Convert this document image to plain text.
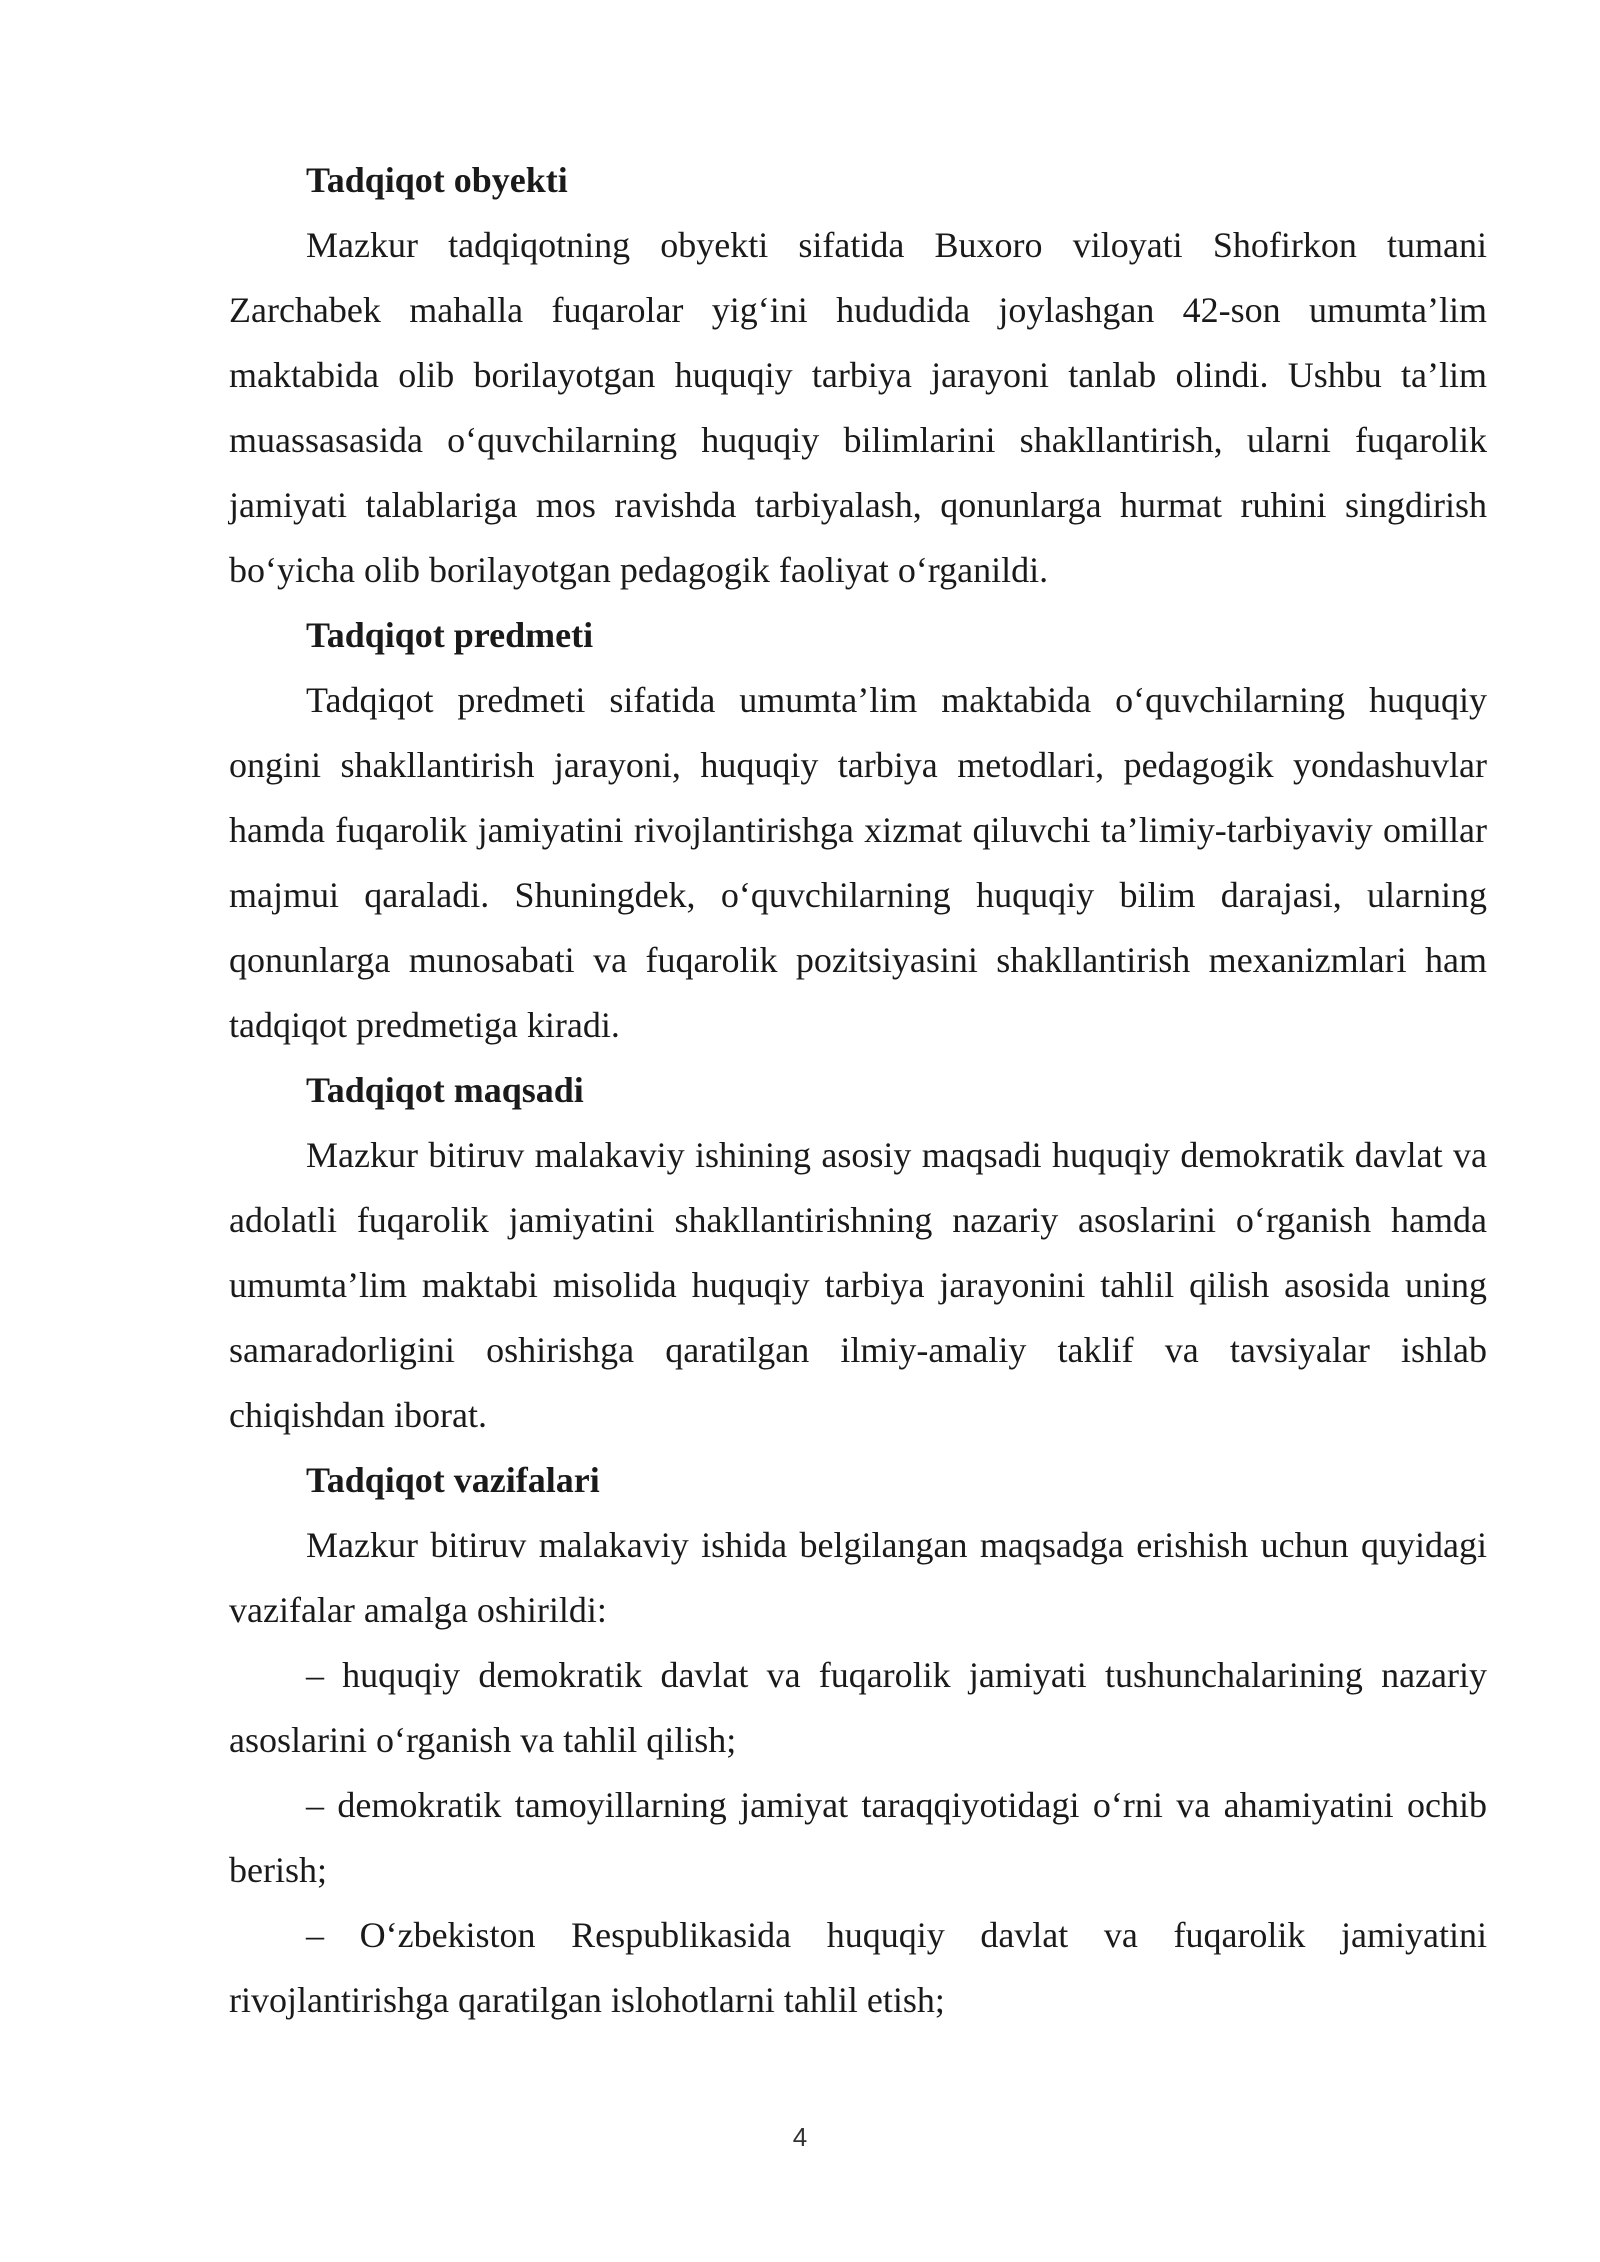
Tadqiqot obyekti

Mazkur tadqiqotning obyekti sifatida Buxoro viloyati Shofirkon tumani Zarchabek mahalla fuqarolar yig‘ini hududida joylashgan 42-son umumta’lim maktabida olib borilayotgan huquqiy tarbiya jarayoni tanlab olindi. Ushbu ta’lim muassasasida o‘quvchilarning huquqiy bilimlarini shakllantirish, ularni fuqarolik jamiyati talablariga mos ravishda tarbiyalash, qonunlarga hurmat ruhini singdirish bo‘yicha olib borilayotgan pedagogik faoliyat o‘rganildi.

Tadqiqot predmeti

Tadqiqot predmeti sifatida umumta’lim maktabida o‘quvchilarning huquqiy ongini shakllantirish jarayoni, huquqiy tarbiya metodlari, pedagogik yondashuvlar hamda fuqarolik jamiyatini rivojlantirishga xizmat qiluvchi ta’limiy-tarbiyaviy omillar majmui qaraladi. Shuningdek, o‘quvchilarning huquqiy bilim darajasi, ularning qonunlarga munosabati va fuqarolik pozitsiyasini shakllantirish mexanizmlari ham tadqiqot predmetiga kiradi.

Tadqiqot maqsadi

Mazkur bitiruv malakaviy ishining asosiy maqsadi huquqiy demokratik davlat va adolatli fuqarolik jamiyatini shakllantirishning nazariy asoslarini o‘rganish hamda umumta’lim maktabi misolida huquqiy tarbiya jarayonini tahlil qilish asosida uning samaradorligini oshirishga qaratilgan ilmiy-amaliy taklif va tavsiyalar ishlab chiqishdan iborat.

Tadqiqot vazifalari

Mazkur bitiruv malakaviy ishida belgilangan maqsadga erishish uchun quyidagi vazifalar amalga oshirildi:

– huquqiy demokratik davlat va fuqarolik jamiyati tushunchalarining nazariy asoslarini o‘rganish va tahlil qilish;

– demokratik tamoyillarning jamiyat taraqqiyotidagi o‘rni va ahamiyatini ochib berish;

– O‘zbekiston Respublikasida huquqiy davlat va fuqarolik jamiyatini rivojlantirishga qaratilgan islohotlarni tahlil etish;

4
